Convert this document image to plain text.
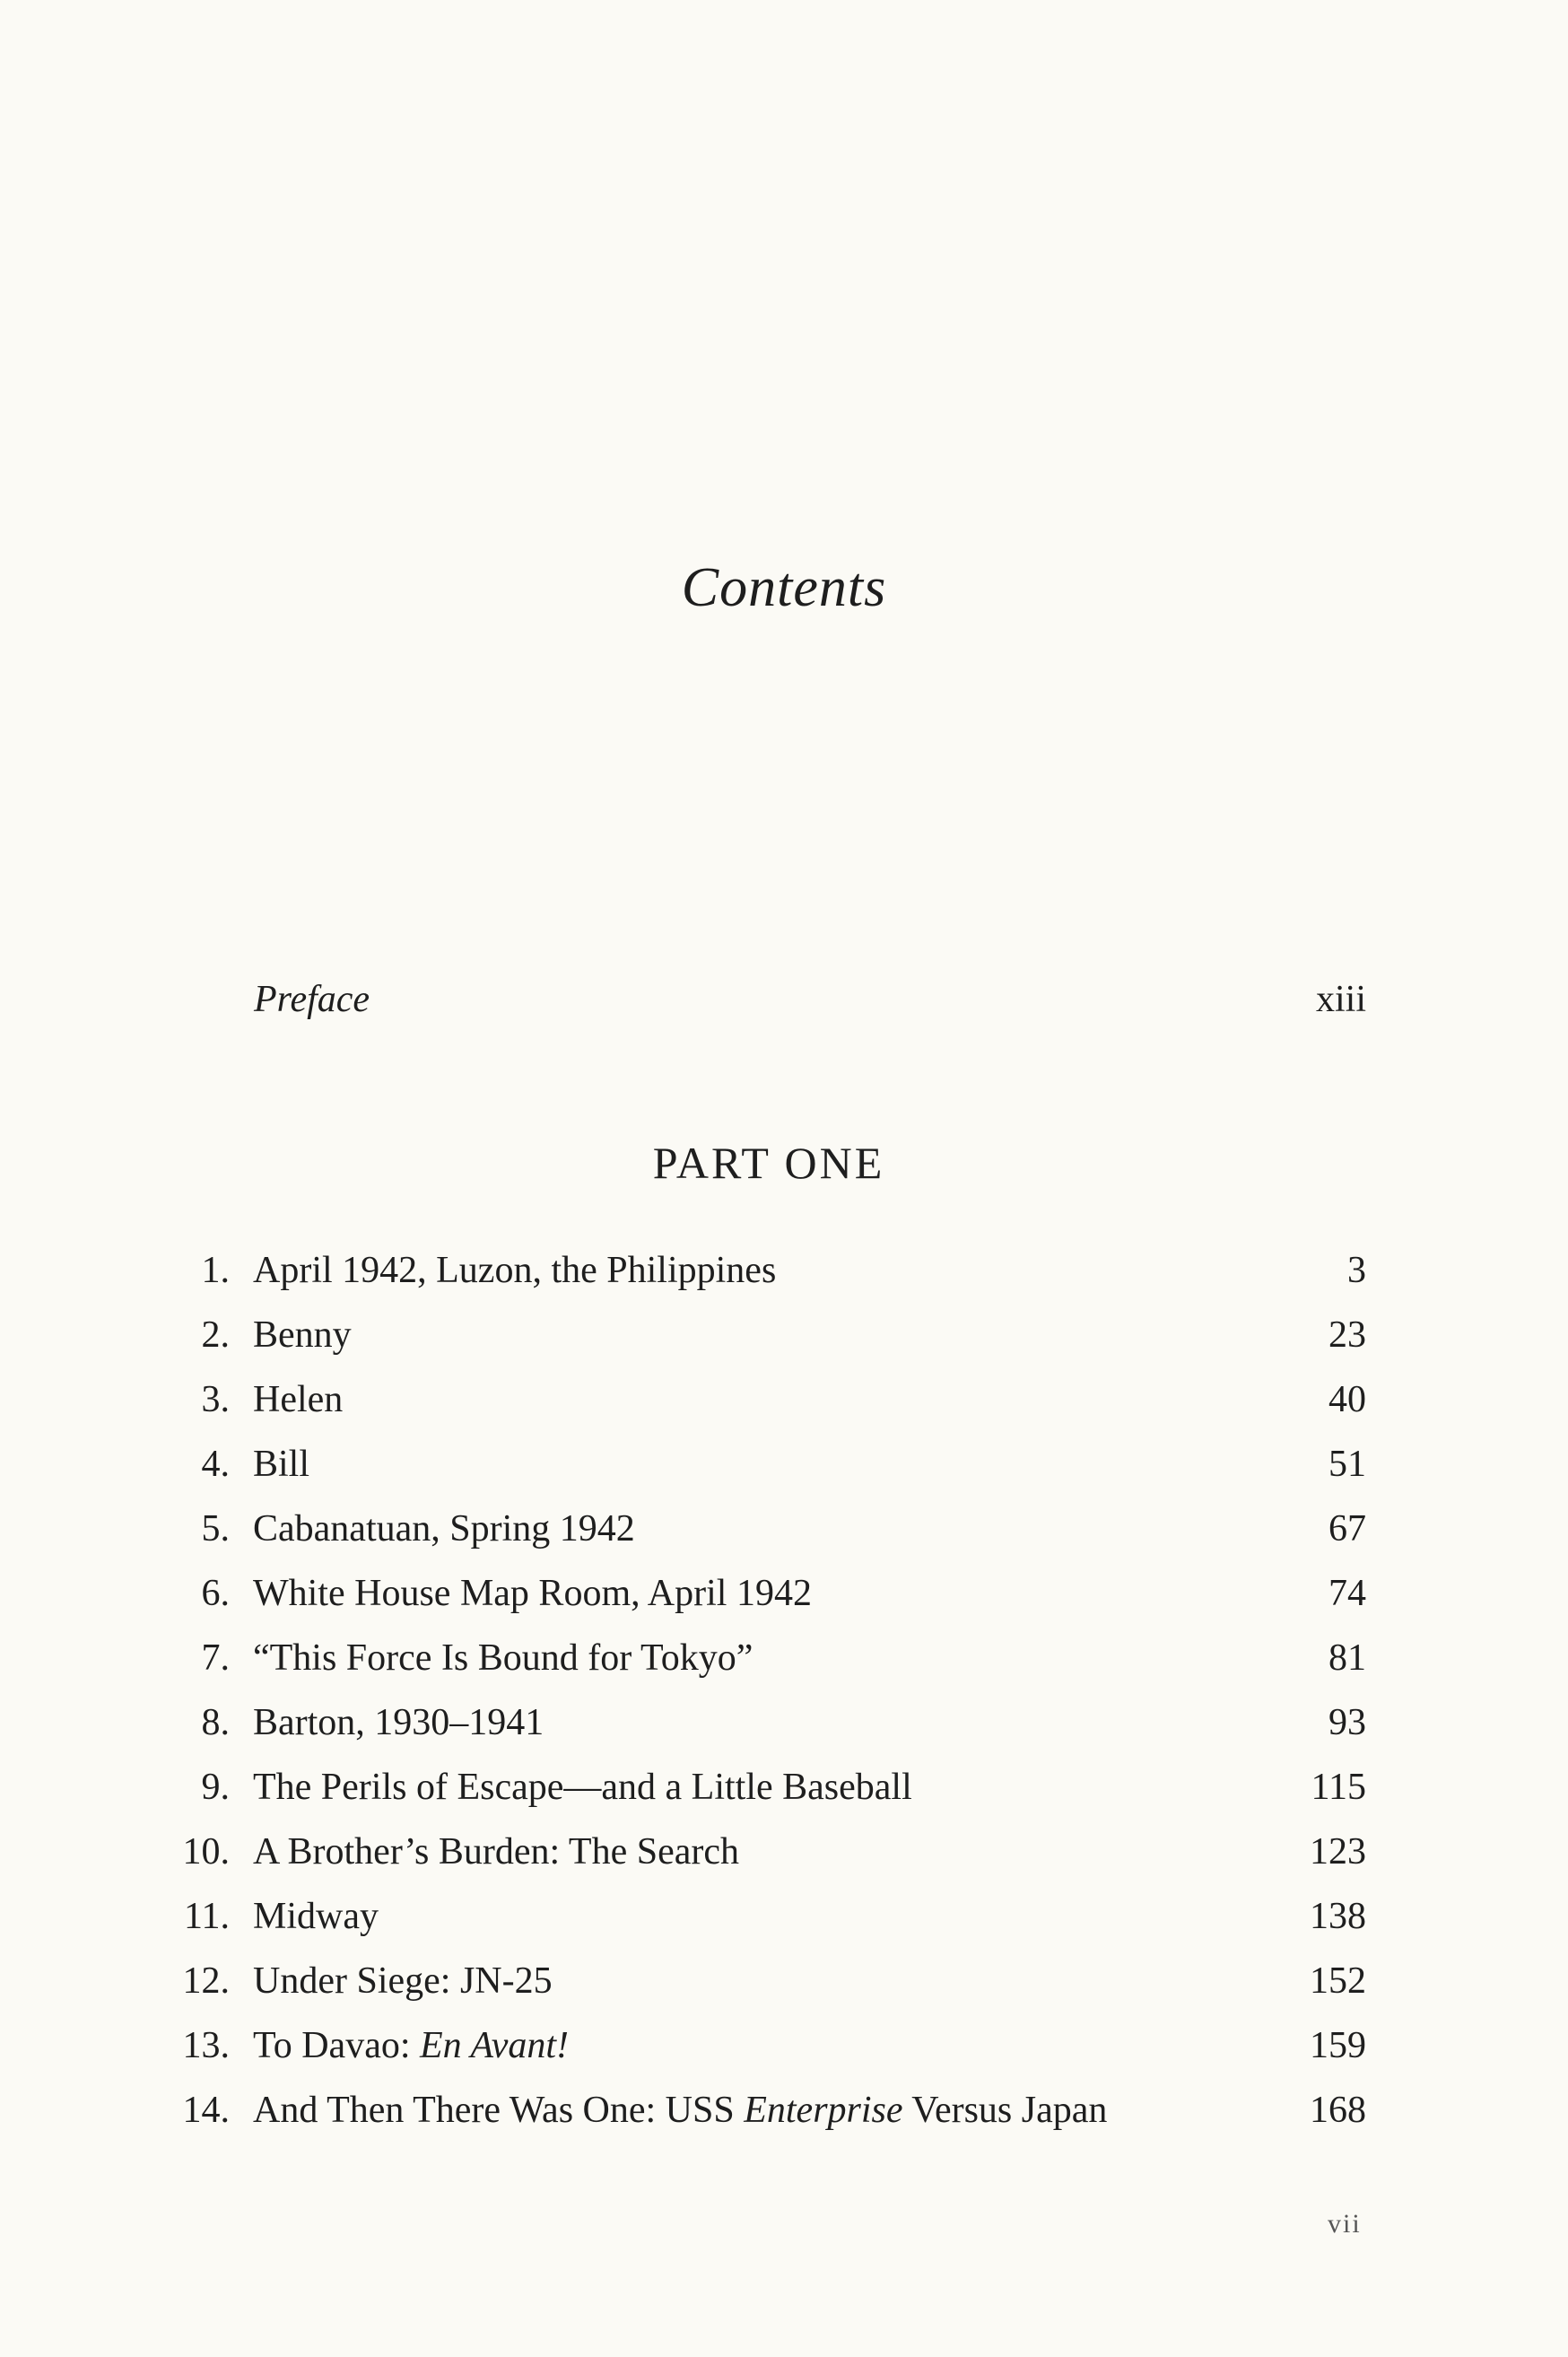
Contents
Preface	xiii
PART ONE
1. April 1942, Luzon, the Philippines	3
2. Benny	23
3. Helen	40
4. Bill	51
5. Cabanatuan, Spring 1942	67
6. White House Map Room, April 1942	74
7. “This Force Is Bound for Tokyo”	81
8. Barton, 1930–1941	93
9. The Perils of Escape—and a Little Baseball	115
10. A Brother’s Burden: The Search	123
11. Midway	138
12. Under Siege: JN-25	152
13. To Davao: En Avant!	159
14. And Then There Was One: USS Enterprise Versus Japan	168
vii
